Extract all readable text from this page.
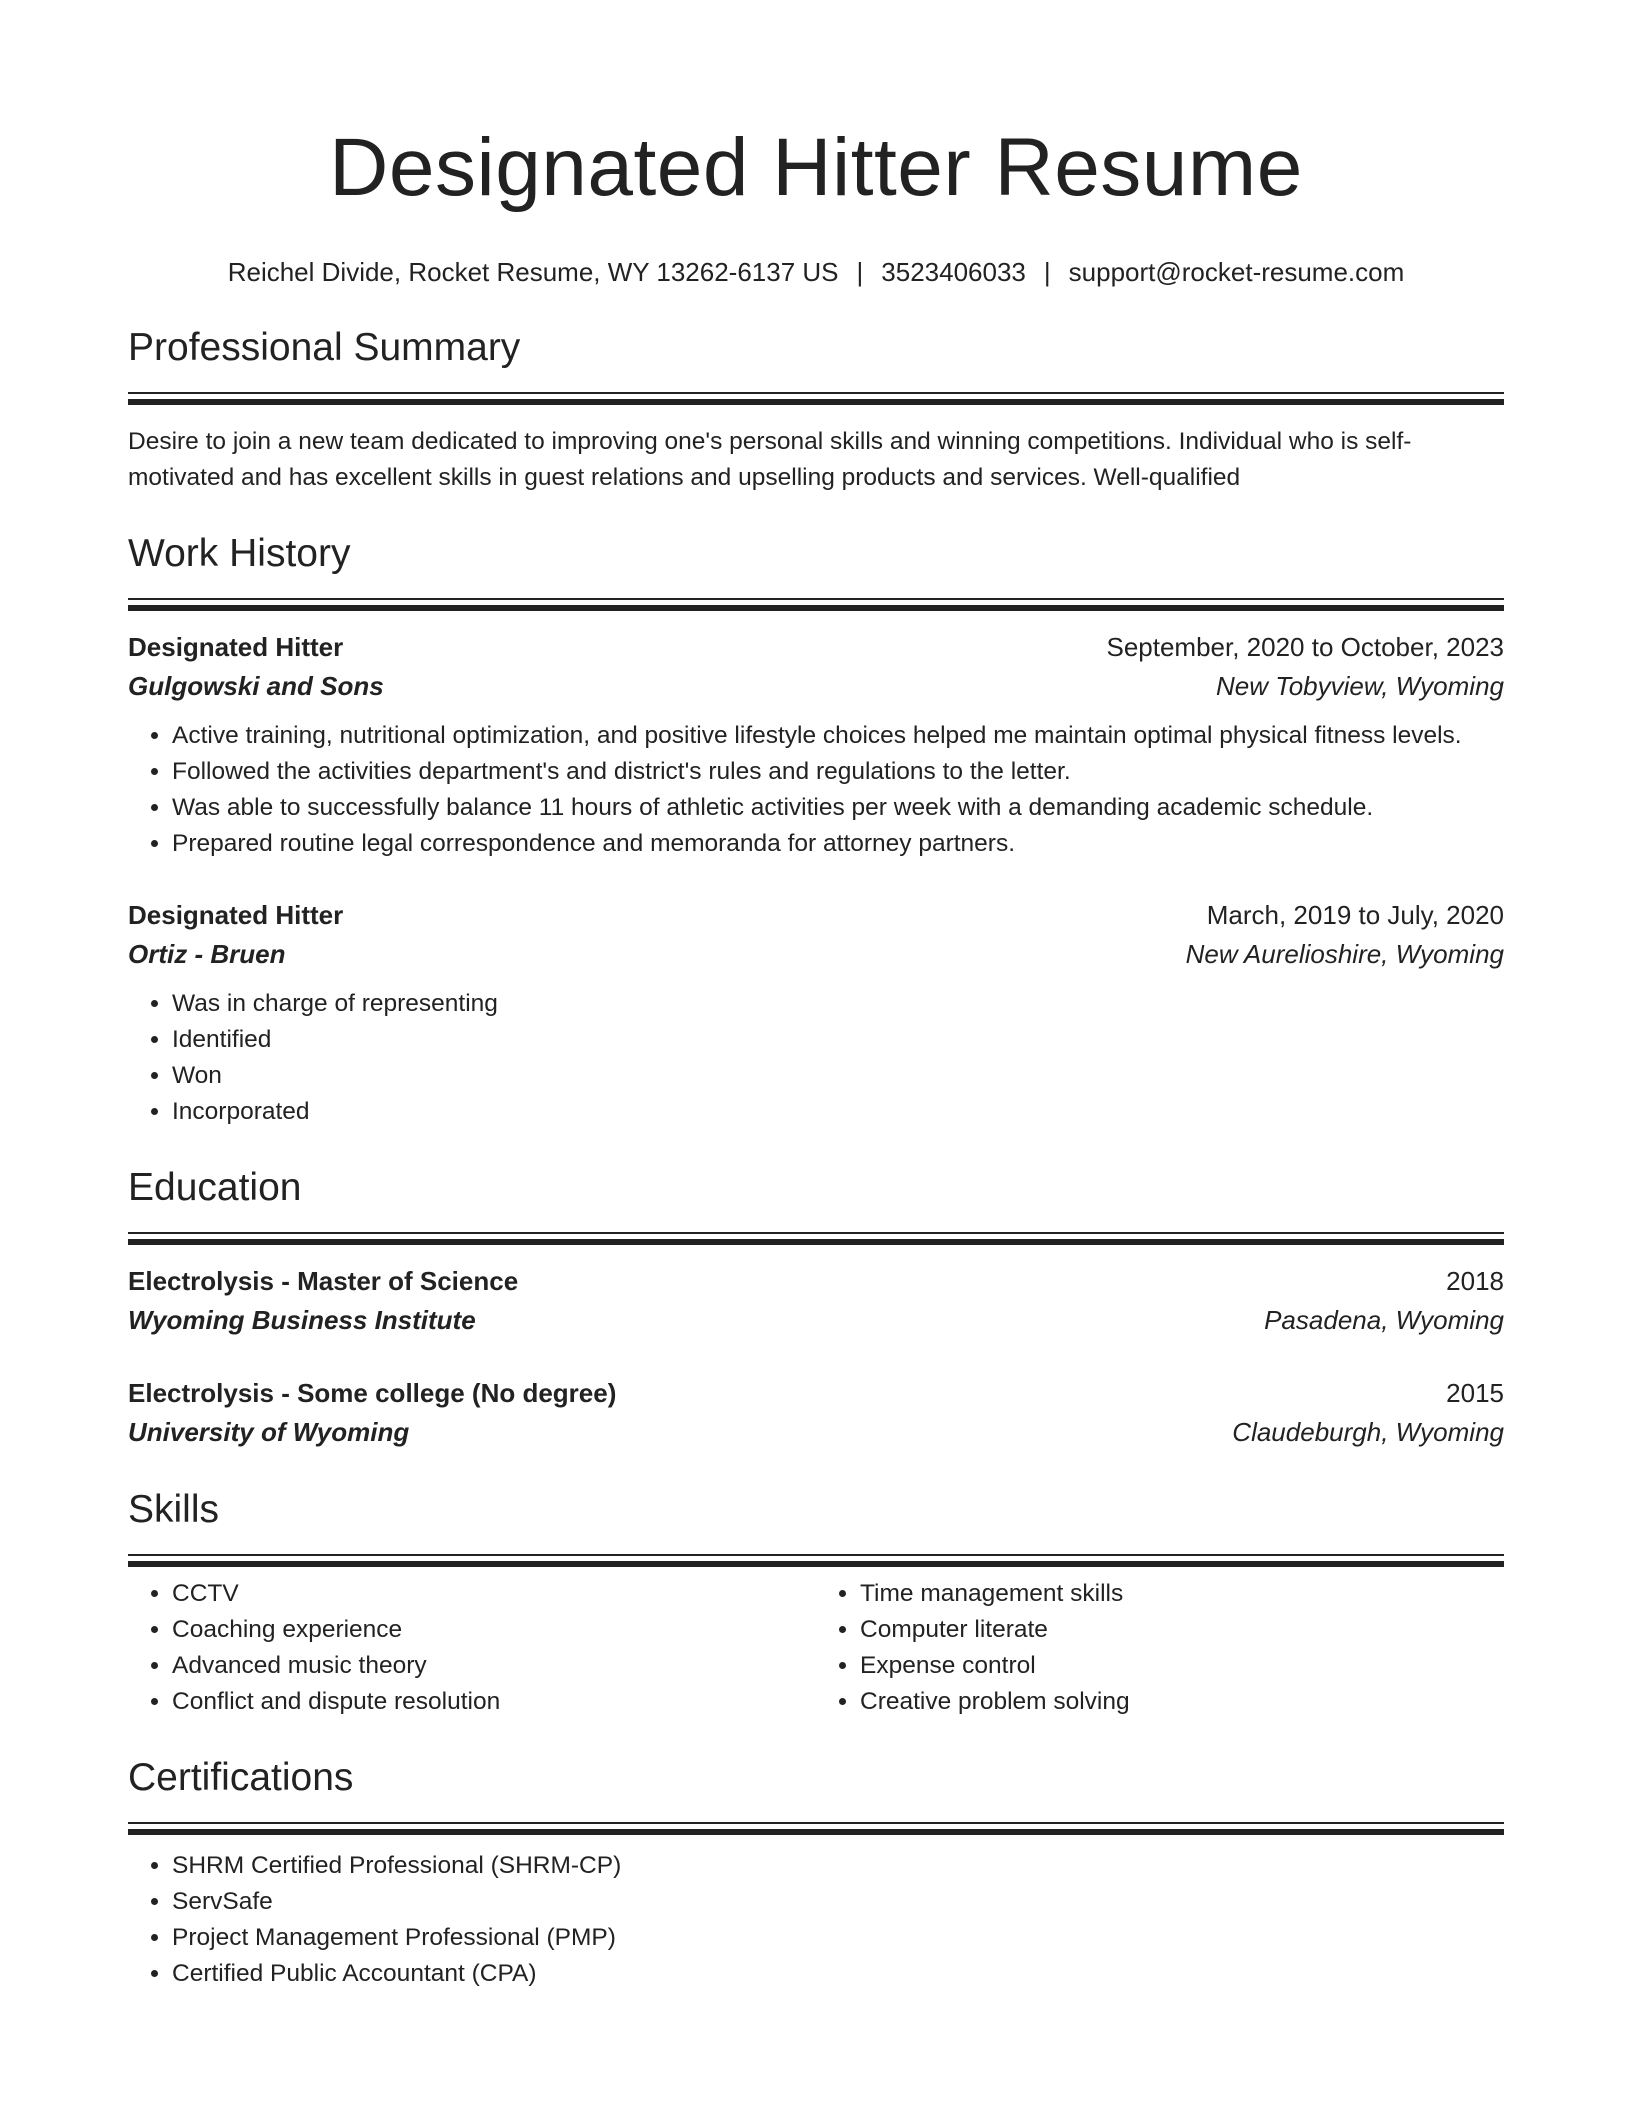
Designated Hitter Resume
Reichel Divide, Rocket Resume, WY 13262-6137 US | 3523406033 | support@rocket-resume.com
Professional Summary
Desire to join a new team dedicated to improving one's personal skills and winning competitions. Individual who is self-motivated and has excellent skills in guest relations and upselling products and services. Well-qualified
Work History
Designated Hitter	September, 2020 to October, 2023
Gulgowski and Sons	New Tobyview, Wyoming
• Active training, nutritional optimization, and positive lifestyle choices helped me maintain optimal physical fitness levels.
• Followed the activities department's and district's rules and regulations to the letter.
• Was able to successfully balance 11 hours of athletic activities per week with a demanding academic schedule.
• Prepared routine legal correspondence and memoranda for attorney partners.
Designated Hitter	March, 2019 to July, 2020
Ortiz - Bruen	New Aurelioshire, Wyoming
• Was in charge of representing
• Identified
• Won
• Incorporated
Education
Electrolysis - Master of Science	2018
Wyoming Business Institute	Pasadena, Wyoming
Electrolysis - Some college (No degree)	2015
University of Wyoming	Claudeburgh, Wyoming
Skills
• CCTV
• Coaching experience
• Advanced music theory
• Conflict and dispute resolution
• Time management skills
• Computer literate
• Expense control
• Creative problem solving
Certifications
• SHRM Certified Professional (SHRM-CP)
• ServSafe
• Project Management Professional (PMP)
• Certified Public Accountant (CPA)
